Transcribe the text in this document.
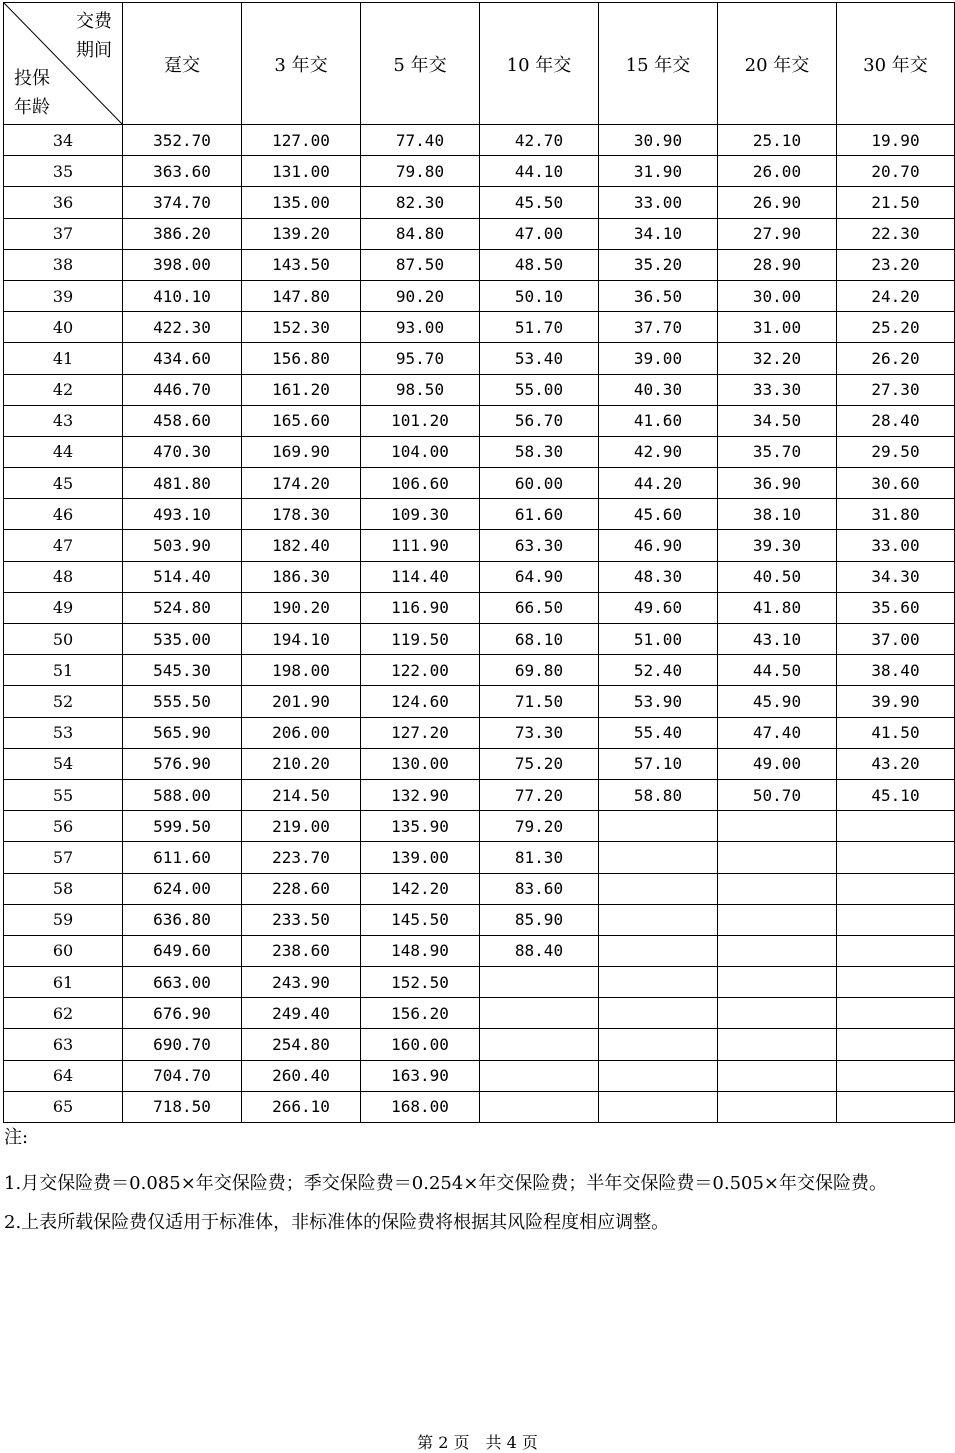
交费
期间
投保
年龄	趸交	3 年交	5 年交	10 年交	15 年交	20 年交	30 年交
34	352.70	127.00	77.40	42.70	30.90	25.10	19.90
35	363.60	131.00	79.80	44.10	31.90	26.00	20.70
36	374.70	135.00	82.30	45.50	33.00	26.90	21.50
37	386.20	139.20	84.80	47.00	34.10	27.90	22.30
38	398.00	143.50	87.50	48.50	35.20	28.90	23.20
39	410.10	147.80	90.20	50.10	36.50	30.00	24.20
40	422.30	152.30	93.00	51.70	37.70	31.00	25.20
41	434.60	156.80	95.70	53.40	39.00	32.20	26.20
42	446.70	161.20	98.50	55.00	40.30	33.30	27.30
43	458.60	165.60	101.20	56.70	41.60	34.50	28.40
44	470.30	169.90	104.00	58.30	42.90	35.70	29.50
45	481.80	174.20	106.60	60.00	44.20	36.90	30.60
46	493.10	178.30	109.30	61.60	45.60	38.10	31.80
47	503.90	182.40	111.90	63.30	46.90	39.30	33.00
48	514.40	186.30	114.40	64.90	48.30	40.50	34.30
49	524.80	190.20	116.90	66.50	49.60	41.80	35.60
50	535.00	194.10	119.50	68.10	51.00	43.10	37.00
51	545.30	198.00	122.00	69.80	52.40	44.50	38.40
52	555.50	201.90	124.60	71.50	53.90	45.90	39.90
53	565.90	206.00	127.20	73.30	55.40	47.40	41.50
54	576.90	210.20	130.00	75.20	57.10	49.00	43.20
55	588.00	214.50	132.90	77.20	58.80	50.70	45.10
56	599.50	219.00	135.90	79.20			
57	611.60	223.70	139.00	81.30			
58	624.00	228.60	142.20	83.60			
59	636.80	233.50	145.50	85.90			
60	649.60	238.60	148.90	88.40			
61	663.00	243.90	152.50				
62	676.90	249.40	156.20				
63	690.70	254.80	160.00				
64	704.70	260.40	163.90				
65	718.50	266.10	168.00				

注:

1.月交保险费＝0.085×年交保险费；季交保险费＝0.254×年交保险费；半年交保险费＝0.505×年交保险费。

2.上表所载保险费仅适用于标准体，非标准体的保险费将根据其风险程度相应调整。

第 2 页　共 4 页
